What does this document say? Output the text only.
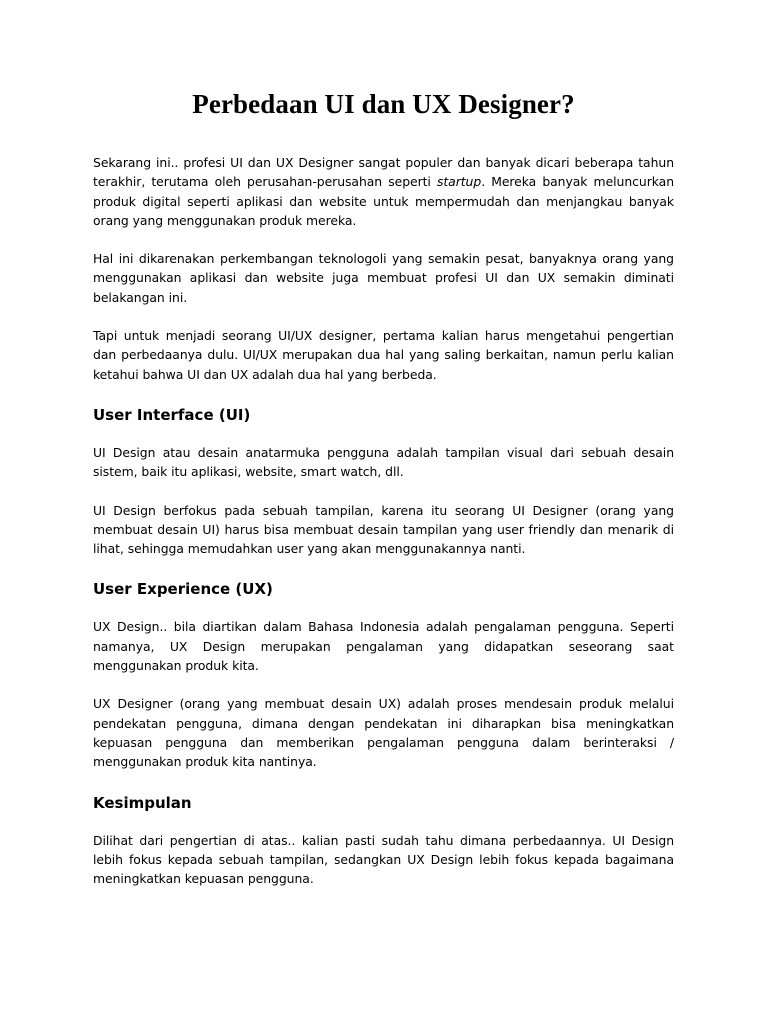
Perbedaan UI dan UX Designer?

Sekarang ini.. profesi UI dan UX Designer sangat populer dan banyak dicari beberapa tahun terakhir, terutama oleh perusahan-perusahan seperti startup. Mereka banyak meluncurkan produk digital seperti aplikasi dan website untuk mempermudah dan menjangkau banyak orang yang menggunakan produk mereka.

Hal ini dikarenakan perkembangan teknologoli yang semakin pesat, banyaknya orang yang menggunakan aplikasi dan website juga membuat profesi UI dan UX semakin diminati belakangan ini.

Tapi untuk menjadi seorang UI/UX designer, pertama kalian harus mengetahui pengertian dan perbedaanya dulu. UI/UX merupakan dua hal yang saling berkaitan, namun perlu kalian ketahui bahwa UI dan UX adalah dua hal yang berbeda.

User Interface (UI)

UI Design atau desain anatarmuka pengguna adalah tampilan visual dari sebuah desain sistem, baik itu aplikasi, website, smart watch, dll.

UI Design berfokus pada sebuah tampilan, karena itu seorang UI Designer (orang yang membuat desain UI) harus bisa membuat desain tampilan yang user friendly dan menarik di lihat, sehingga memudahkan user yang akan menggunakannya nanti.

User Experience (UX)

UX Design.. bila diartikan dalam Bahasa Indonesia adalah pengalaman pengguna. Seperti namanya, UX Design merupakan pengalaman yang didapatkan seseorang saat menggunakan produk kita.

UX Designer (orang yang membuat desain UX) adalah proses mendesain produk melalui pendekatan pengguna, dimana dengan pendekatan ini diharapkan bisa meningkatkan kepuasan pengguna dan memberikan pengalaman pengguna dalam berinteraksi / menggunakan produk kita nantinya.

Kesimpulan

Dilihat dari pengertian di atas.. kalian pasti sudah tahu dimana perbedaannya. UI Design lebih fokus kepada sebuah tampilan, sedangkan UX Design lebih fokus kepada bagaimana meningkatkan kepuasan pengguna.
